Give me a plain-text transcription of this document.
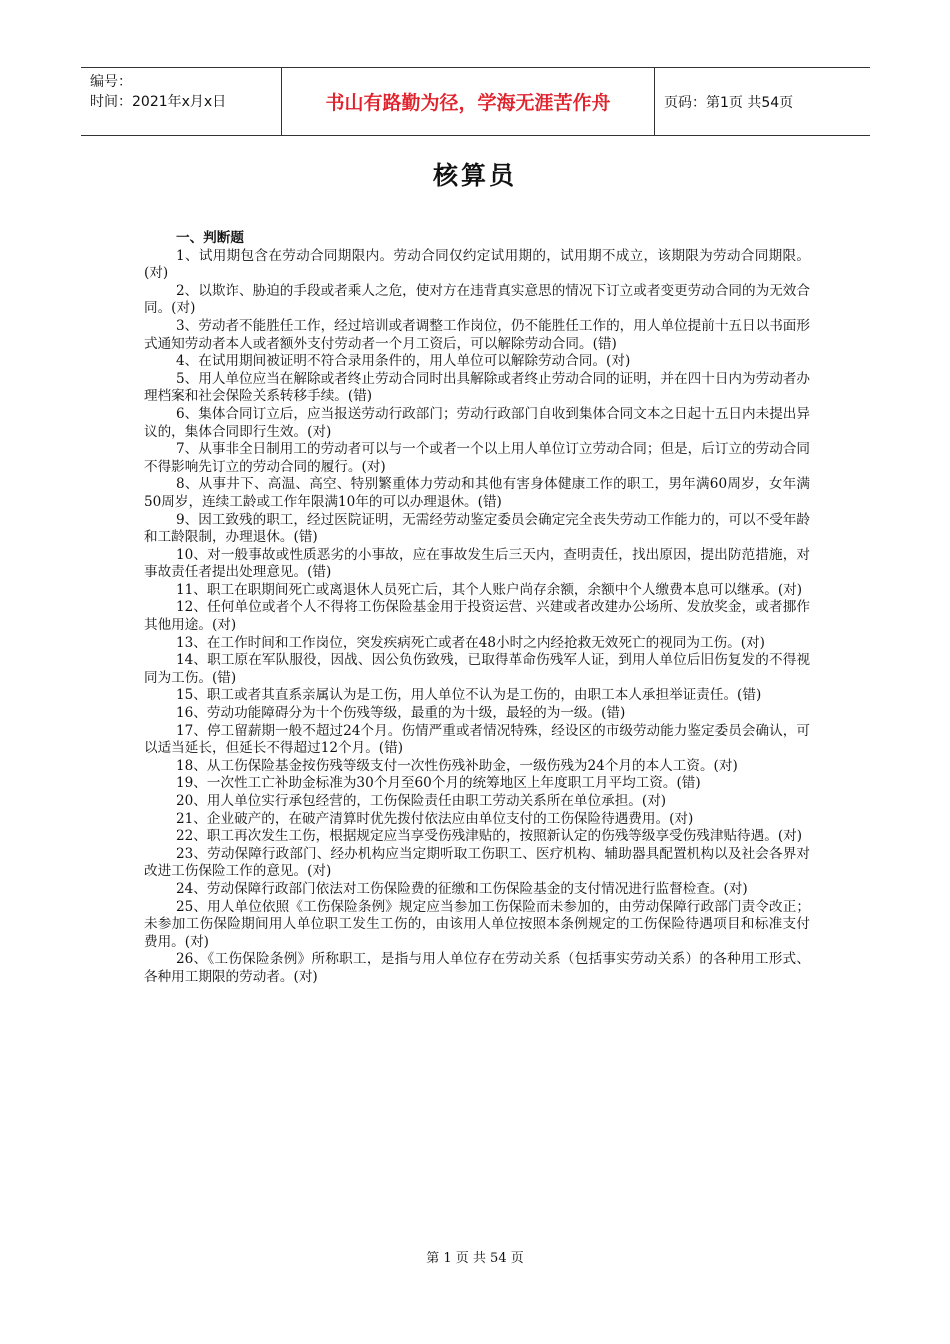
编号：
时间：2021年x月x日	书山有路勤为径，学海无涯苦作舟	页码：第1页 共54页
核算员
一、判断题

1、试用期包含在劳动合同期限内。劳动合同仅约定试用期的，试用期不成立，该期限为劳动合同期限。(对)

2、以欺诈、胁迫的手段或者乘人之危，使对方在违背真实意思的情况下订立或者变更劳动合同的为无效合同。(对)

3、劳动者不能胜任工作，经过培训或者调整工作岗位，仍不能胜任工作的，用人单位提前十五日以书面形式通知劳动者本人或者额外支付劳动者一个月工资后，可以解除劳动合同。(错)

4、在试用期间被证明不符合录用条件的，用人单位可以解除劳动合同。(对)

5、用人单位应当在解除或者终止劳动合同时出具解除或者终止劳动合同的证明，并在四十日内为劳动者办理档案和社会保险关系转移手续。(错)

6、集体合同订立后，应当报送劳动行政部门；劳动行政部门自收到集体合同文本之日起十五日内未提出异议的，集体合同即行生效。(对)

7、从事非全日制用工的劳动者可以与一个或者一个以上用人单位订立劳动合同；但是，后订立的劳动合同不得影响先订立的劳动合同的履行。(对)

8、从事井下、高温、高空、特别繁重体力劳动和其他有害身体健康工作的职工，男年满60周岁，女年满50周岁，连续工龄或工作年限满10年的可以办理退休。(错)

9、因工致残的职工，经过医院证明，无需经劳动鉴定委员会确定完全丧失劳动工作能力的，可以不受年龄和工龄限制，办理退休。(错)

10、对一般事故或性质恶劣的小事故，应在事故发生后三天内，查明责任，找出原因，提出防范措施，对事故责任者提出处理意见。(错)

11、职工在职期间死亡或离退休人员死亡后，其个人账户尚存余额，余额中个人缴费本息可以继承。(对)

12、任何单位或者个人不得将工伤保险基金用于投资运营、兴建或者改建办公场所、发放奖金，或者挪作其他用途。(对)

13、在工作时间和工作岗位，突发疾病死亡或者在48小时之内经抢救无效死亡的视同为工伤。(对)

14、职工原在军队服役，因战、因公负伤致残，已取得革命伤残军人证，到用人单位后旧伤复发的不得视同为工伤。(错)

15、职工或者其直系亲属认为是工伤，用人单位不认为是工伤的，由职工本人承担举证责任。(错)

16、劳动功能障碍分为十个伤残等级，最重的为十级，最轻的为一级。(错)

17、停工留薪期一般不超过24个月。伤情严重或者情况特殊，经设区的市级劳动能力鉴定委员会确认，可以适当延长，但延长不得超过12个月。(错)

18、从工伤保险基金按伤残等级支付一次性伤残补助金，一级伤残为24个月的本人工资。(对)

19、一次性工亡补助金标准为30个月至60个月的统筹地区上年度职工月平均工资。(错)

20、用人单位实行承包经营的，工伤保险责任由职工劳动关系所在单位承担。(对)

21、企业破产的，在破产清算时优先拨付依法应由单位支付的工伤保险待遇费用。(对)

22、职工再次发生工伤，根据规定应当享受伤残津贴的，按照新认定的伤残等级享受伤残津贴待遇。(对)

23、劳动保障行政部门、经办机构应当定期听取工伤职工、医疗机构、辅助器具配置机构以及社会各界对改进工伤保险工作的意见。(对)

24、劳动保障行政部门依法对工伤保险费的征缴和工伤保险基金的支付情况进行监督检查。(对)

25、用人单位依照《工伤保险条例》规定应当参加工伤保险而未参加的，由劳动保障行政部门责令改正；未参加工伤保险期间用人单位职工发生工伤的，由该用人单位按照本条例规定的工伤保险待遇项目和标准支付费用。(对)

26、《工伤保险条例》所称职工，是指与用人单位存在劳动关系（包括事实劳动关系）的各种用工形式、各种用工期限的劳动者。(对)

第 1 页 共 54 页
